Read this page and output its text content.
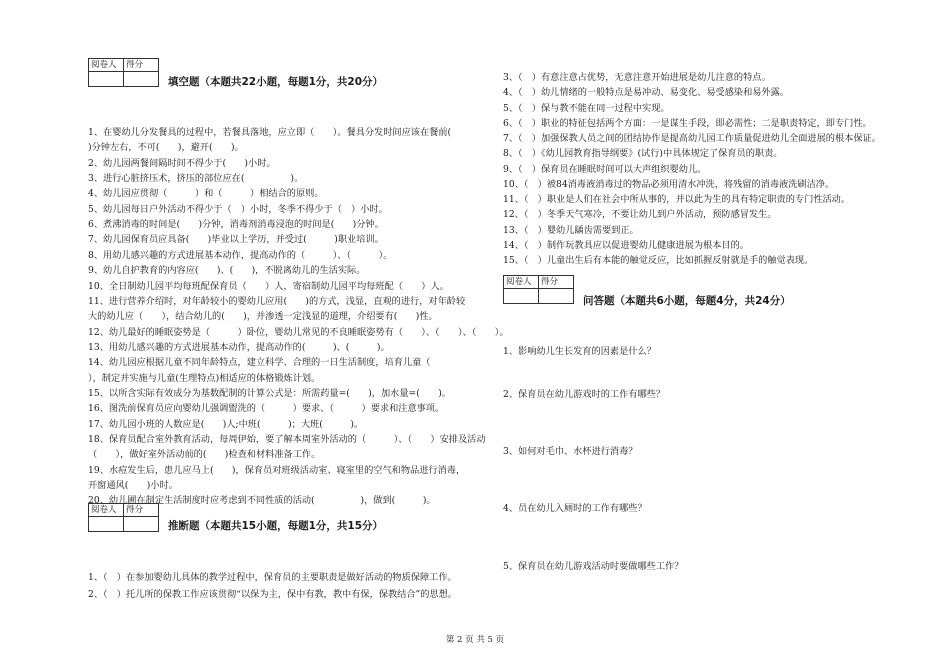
阅卷人	得分

填空题（本题共22小题，每题1分，共20分）
1、在婴幼儿分发餐具的过程中，若餐具落地，应立即（　　）。餐具分发时间应该在餐前(　　
)分钟左右，不可(　　)，避开(　　)。
2、幼儿园两餐间隔时间不得少于(　　)小时。
3、进行心脏挤压术，挤压的部位应在(　　　　　)。
4、幼儿园应贯彻（　　　）和（　　　）相结合的原则。
5、幼儿园每日户外活动不得少于（　）小时，冬季不得少于（　）小时。
6、煮沸消毒的时间是(　　)分钟，消毒剂消毒浸泡的时间是(　　)分钟。
7、幼儿园保育员应具备(　　)毕业以上学历，并受过(　　　)职业培训。
8、用幼儿感兴趣的方式进展基本动作，提高动作的（　　　）、（　　　）。
9、幼儿自护教育的内容应(　　)、(　　)，不脱离幼儿的生活实际。
10、全日制幼儿园平均每班配保育员（　　）人，寄宿制幼儿园平均每班配（　　）人。
11、进行营养介绍时，对年龄较小的婴幼儿应用(　　)的方式，浅显，直观的进行，对年龄较
大的幼儿应（　　），结合幼儿的(　　)，并渗透一定浅显的道理，介绍要有(　　)性。
12、幼儿最好的睡眠姿势是（　　　）卧位，婴幼儿常见的不良睡眠姿势有（　　）、（　　）、（　　）。
13、用幼儿感兴趣的方式进展基本动作，提高动作的(　　　)、(　　　)。
14、幼儿园应根据儿童不同年龄特点，建立科学、合理的一日生活制度，培育儿童（　　　
），制定并实施与儿童(生理特点)相适应的体格锻炼计划。
15、以所含实际有效成分为基数配制的计算公式是：所需药量=(　　)，加水量=(　　)。
16、图洗前保育员应向婴幼儿强调盥洗的（　　　）要求、（　　　）要求和注意事项。
17、幼儿园小班的人数应是(　　)人;中班(　　　)；大班(　　　)。
18、保育员配合室外教育活动，每周伊始，要了解本周室外活动的（　　　）、（　　）安排及活动
（　　），做好室外活动前的(　　)检查和材料准备工作。
19、水痘发生后，患儿应马上(　　)，保育员对班级活动室、寝室里的空气和物品进行消毒，
开窗通风(　　)小时。
20、幼儿圃在制定生活制度时应考虑到不同性质的活动(　　　　　)，做到(　　　)。
阅卷人	得分

推断题（本题共15小题，每题1分，共15分）
1、（　）在参加婴幼儿具体的教学过程中，保育员的主要职责是做好活动的物质保障工作。
2、（　）托儿所的保教工作应该贯彻“以保为主，保中有教，教中有保，保教结合”的思想。
3、（　）有意注意占优势，无意注意开始进展是幼儿注意的特点。
4、（　）幼儿情绪的一般特点是易冲动、易变化、易受感染和易外露。
5、（　）保与教不能在同一过程中实现。
6、（　）职业的特征包括两个方面：一是谋生手段，即必需性；二是职责特定，即专门性。
7、（　）加强保教人员之间的团结协作是提高幼儿园工作质量促进幼儿全面进展的根本保证。
8、（　）《幼儿园教育指导纲要》(试行)中具体规定了保育员的职责。
9、（　）保育员在睡眠时间可以大声组织婴幼儿。
10、（　）被84消毒液消毒过的物品必须用清水冲洗，将残留的消毒液洗刷洁净。
11、（　）职业是人们在社会中所从事的，并以此为生的具有特定职责的专门性活动。
12、（　）冬季天气寒冷，不要让幼儿到户外活动，预防感冒发生。
13、（　）婴幼儿龋齿需要到正。
14、（　）制作玩教具应以促进婴幼儿健康进展为根本目的。
15、（　）儿童出生后有本能的触觉反应，比如抓握反射就是手的触觉表现。
阅卷人	得分

问答题（本题共6小题，每题4分，共24分）
1、影响幼儿生长发育的因素是什么？
2、保育员在幼儿游戏时的工作有哪些？
3、如何对毛巾、水杯进行消毒？
4、员在幼儿入厕时的工作有哪些？
5、保育员在幼儿游戏活动时要做哪些工作？
第 2 页 共 5 页
